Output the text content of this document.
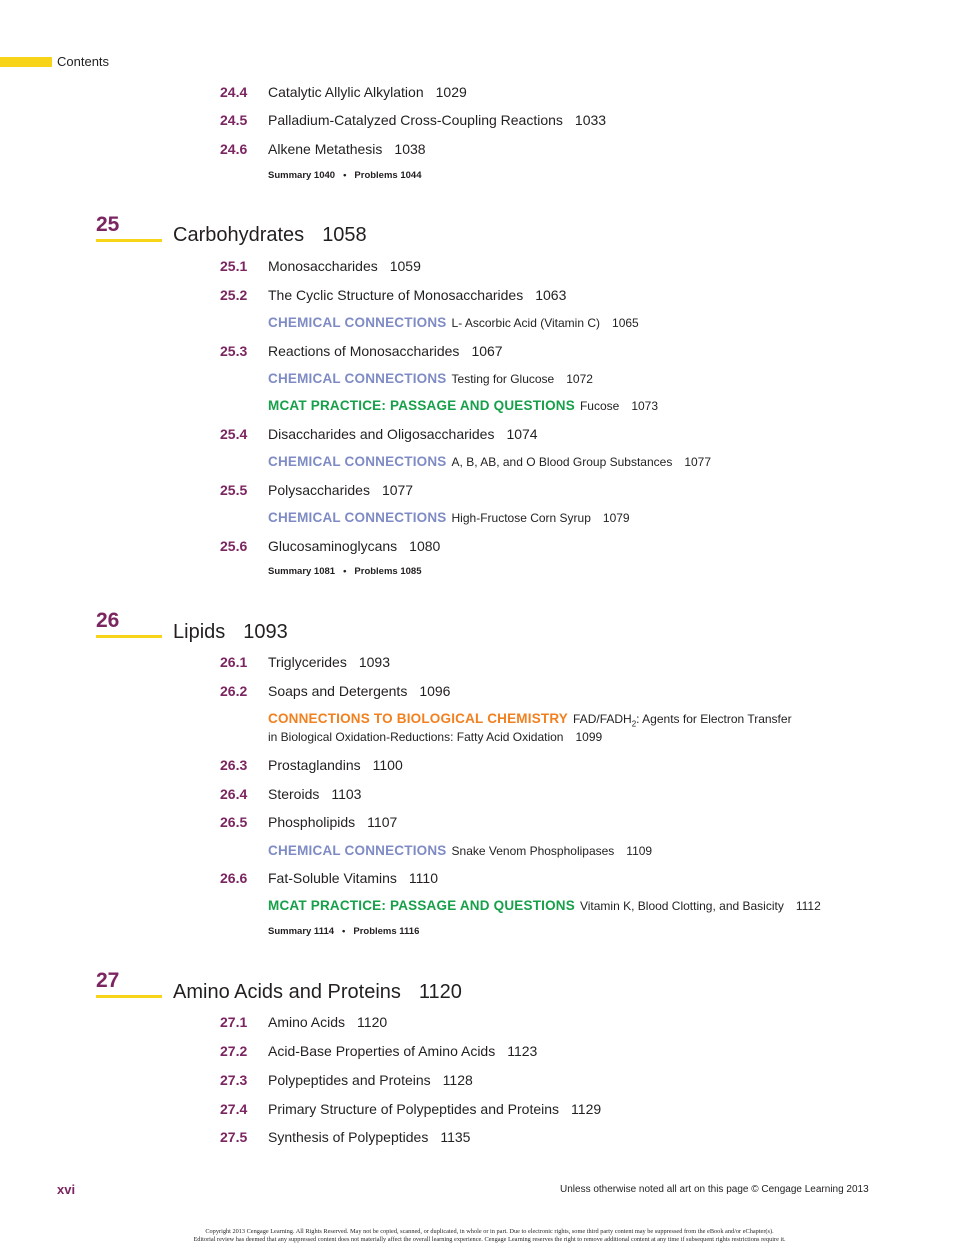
Contents
24.4 Catalytic Allylic Alkylation 1029
24.5 Palladium-Catalyzed Cross-Coupling Reactions 1033
24.6 Alkene Metathesis 1038
Summary 1040 • Problems 1044
25	Carbohydrates 1058
25.1 Monosaccharides 1059
25.2 The Cyclic Structure of Monosaccharides 1063
CHEMICAL CONNECTIONS L- Ascorbic Acid (Vitamin C) 1065
25.3 Reactions of Monosaccharides 1067
CHEMICAL CONNECTIONS Testing for Glucose 1072
MCAT PRACTICE: PASSAGE AND QUESTIONS Fucose 1073
25.4 Disaccharides and Oligosaccharides 1074
CHEMICAL CONNECTIONS A, B, AB, and O Blood Group Substances 1077
25.5 Polysaccharides 1077
CHEMICAL CONNECTIONS High-Fructose Corn Syrup 1079
25.6 Glucosaminoglycans 1080
Summary 1081 • Problems 1085
26	Lipids 1093
26.1 Triglycerides 1093
26.2 Soaps and Detergents 1096
CONNECTIONS TO BIOLOGICAL CHEMISTRY FAD/$FADH_2$: Agents for Electron Transfer
in Biological Oxidation-Reductions: Fatty Acid Oxidation 1099
26.3 Prostaglandins 1100
26.4 Steroids 1103
26.5 Phospholipids 1107
CHEMICAL CONNECTIONS Snake Venom Phospholipases 1109
26.6 Fat-Soluble Vitamins 1110
MCAT PRACTICE: PASSAGE AND QUESTIONS Vitamin K, Blood Clotting, and Basicity 1112
Summary 1114 • Problems 1116
27	Amino Acids and Proteins 1120
27.1 Amino Acids 1120
27.2 Acid-Base Properties of Amino Acids 1123
27.3 Polypeptides and Proteins 1128
27.4 Primary Structure of Polypeptides and Proteins 1129
27.5 Synthesis of Polypeptides 1135
xvi	Unless otherwise noted all art on this page © Cengage Learning 2013
Copyright 2013 Cengage Learning. All Rights Reserved. May not be copied, scanned, or duplicated, in whole or in part. Due to electronic rights, some third party content may be suppressed from the eBook and/or eChapter(s).
Editorial review has deemed that any suppressed content does not materially affect the overall learning experience. Cengage Learning reserves the right to remove additional content at any time if subsequent rights restrictions require it.
